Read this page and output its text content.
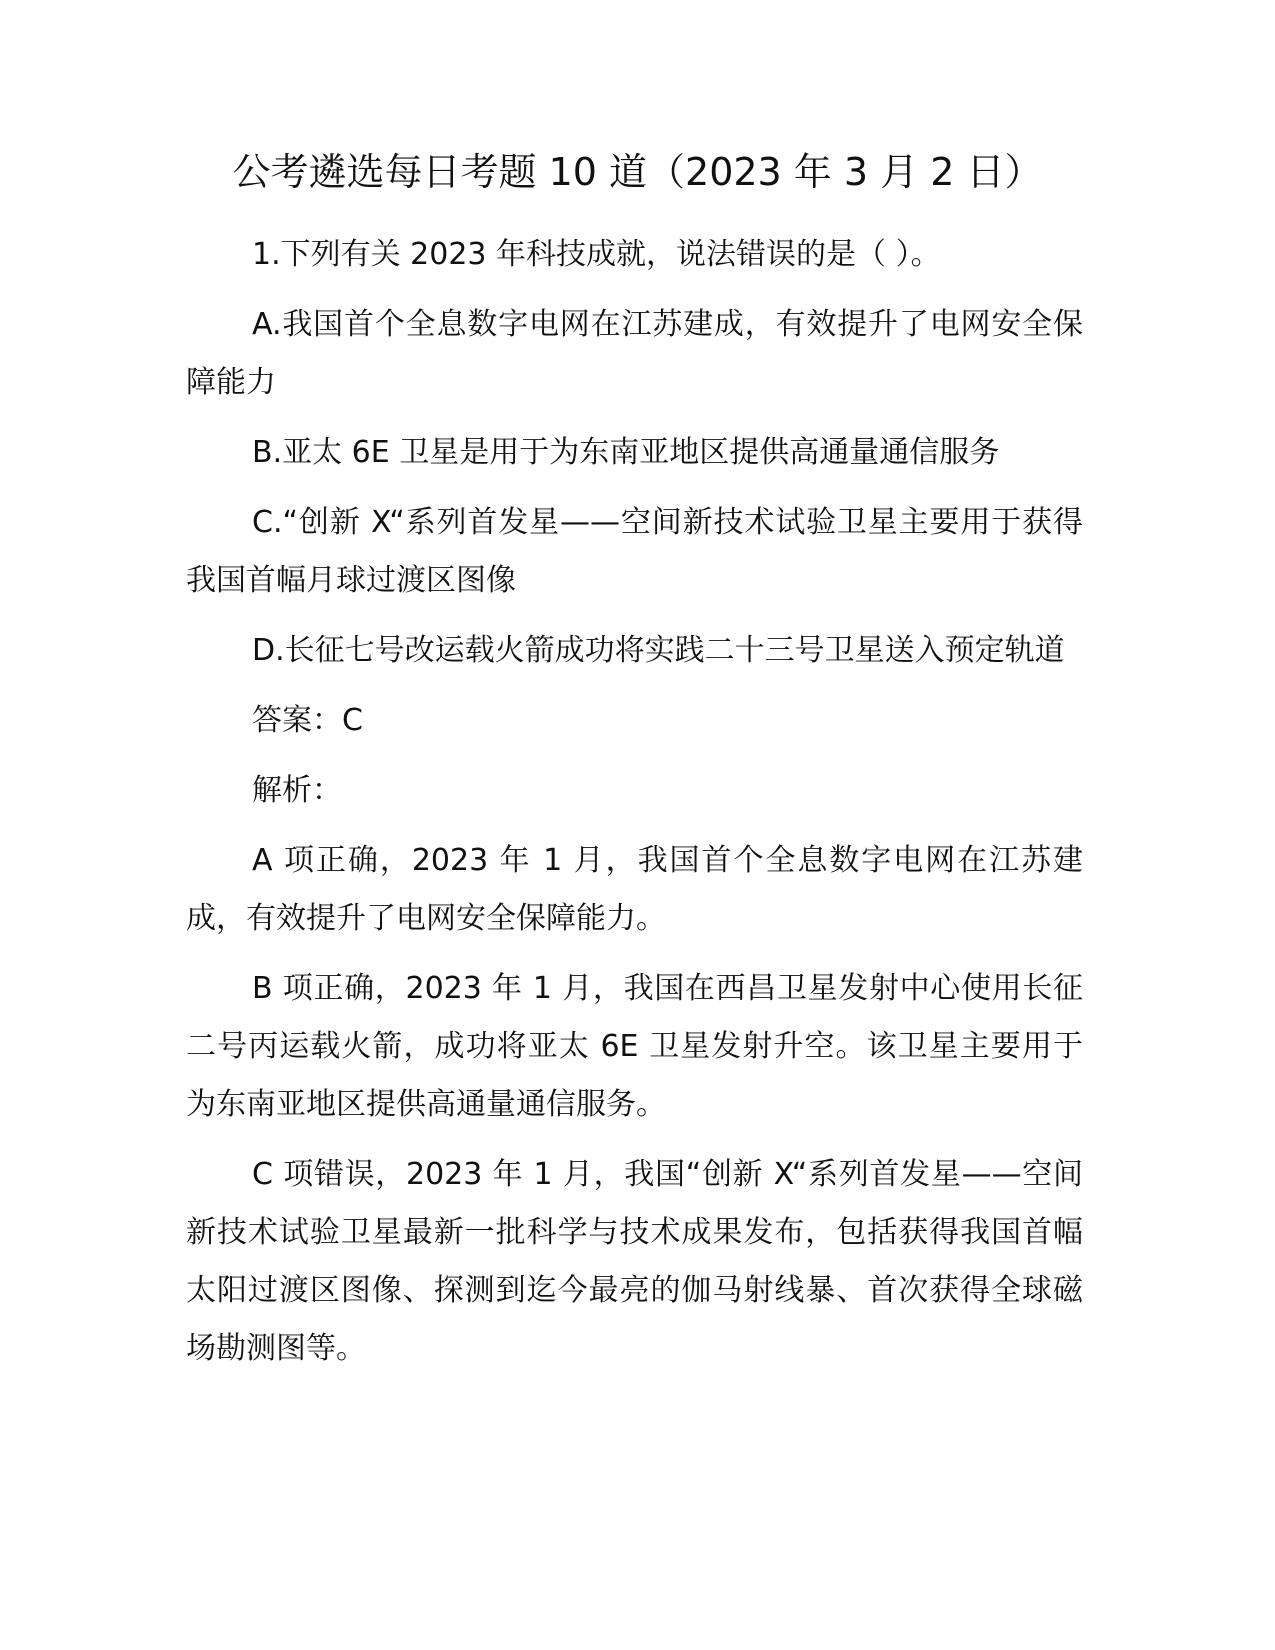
公考遴选每日考题 10 道（2023 年 3 月 2 日）

1.下列有关 2023 年科技成就，说法错误的是（ ）。

A.我国首个全息数字电网在江苏建成，有效提升了电网安全保障能力

B.亚太 6E 卫星是用于为东南亚地区提供高通量通信服务

C.“创新 X“系列首发星——空间新技术试验卫星主要用于获得我国首幅月球过渡区图像

D.长征七号改运载火箭成功将实践二十三号卫星送入预定轨道

答案：C

解析：

A 项正确，2023 年 1 月，我国首个全息数字电网在江苏建成，有效提升了电网安全保障能力。

B 项正确，2023 年 1 月，我国在西昌卫星发射中心使用长征二号丙运载火箭，成功将亚太 6E 卫星发射升空。该卫星主要用于为东南亚地区提供高通量通信服务。

C 项错误，2023 年 1 月，我国“创新 X“系列首发星——空间新技术试验卫星最新一批科学与技术成果发布，包括获得我国首幅太阳过渡区图像、探测到迄今最亮的伽马射线暴、首次获得全球磁场勘测图等。
